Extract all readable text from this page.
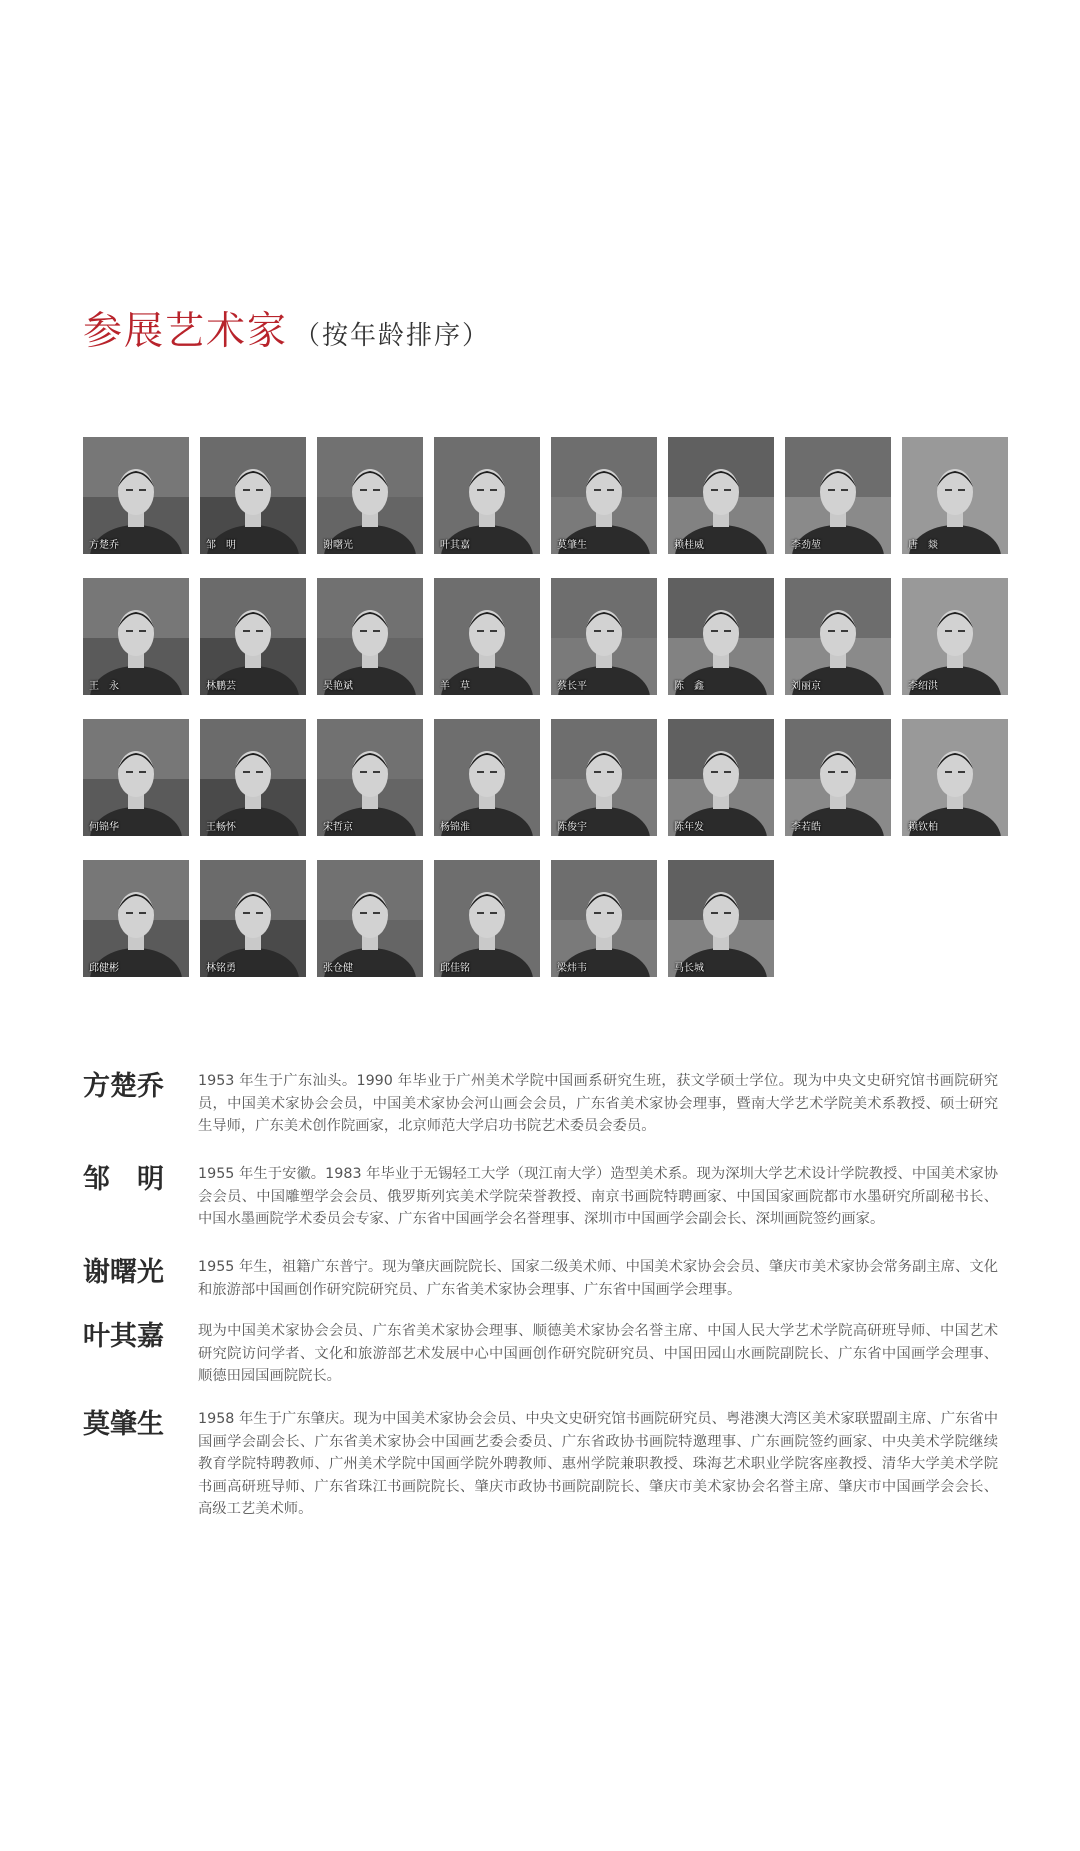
参展艺术家 （按年龄排序）
方楚乔	邹　明	谢曙光	叶其嘉	莫肇生	赖桂威	李劲堃	唐　燚
王　永	林鹏芸	吴艳斌	羊　草	蔡长平	陈　鑫	刘丽京	李绍洪
何锦华	王畅怀	宋哲京	杨锦淮	陈俊宇	陈年发	李若皓	赖钦柏
邱健彬	林铭勇	张仓健	邱佳铭	梁炜韦	马长城
方楚乔 1953 年生于广东汕头。1990 年毕业于广州美术学院中国画系研究生班，获文学硕士学位。现为中央文史研究馆书画院研究员，中国美术家协会会员，中国美术家协会河山画会会员，广东省美术家协会理事，暨南大学艺术学院美术系教授、硕士研究生导师，广东美术创作院画家，北京师范大学启功书院艺术委员会委员。
邹　明 1955 年生于安徽。1983 年毕业于无锡轻工大学（现江南大学）造型美术系。现为深圳大学艺术设计学院教授、中国美术家协会会员、中国雕塑学会会员、俄罗斯列宾美术学院荣誉教授、南京书画院特聘画家、中国国家画院都市水墨研究所副秘书长、中国水墨画院学术委员会专家、广东省中国画学会名誉理事、深圳市中国画学会副会长、深圳画院签约画家。
谢曙光 1955 年生，祖籍广东普宁。现为肇庆画院院长、国家二级美术师、中国美术家协会会员、肇庆市美术家协会常务副主席、文化和旅游部中国画创作研究院研究员、广东省美术家协会理事、广东省中国画学会理事。
叶其嘉 现为中国美术家协会会员、广东省美术家协会理事、顺德美术家协会名誉主席、中国人民大学艺术学院高研班导师、中国艺术研究院访问学者、文化和旅游部艺术发展中心中国画创作研究院研究员、中国田园山水画院副院长、广东省中国画学会理事、顺德田园国画院院长。
莫肇生 1958 年生于广东肇庆。现为中国美术家协会会员、中央文史研究馆书画院研究员、粤港澳大湾区美术家联盟副主席、广东省中国画学会副会长、广东省美术家协会中国画艺委会委员、广东省政协书画院特邀理事、广东画院签约画家、中央美术学院继续教育学院特聘教师、广州美术学院中国画学院外聘教师、惠州学院兼职教授、珠海艺术职业学院客座教授、清华大学美术学院书画高研班导师、广东省珠江书画院院长、肇庆市政协书画院副院长、肇庆市美术家协会名誉主席、肇庆市中国画学会会长、高级工艺美术师。
